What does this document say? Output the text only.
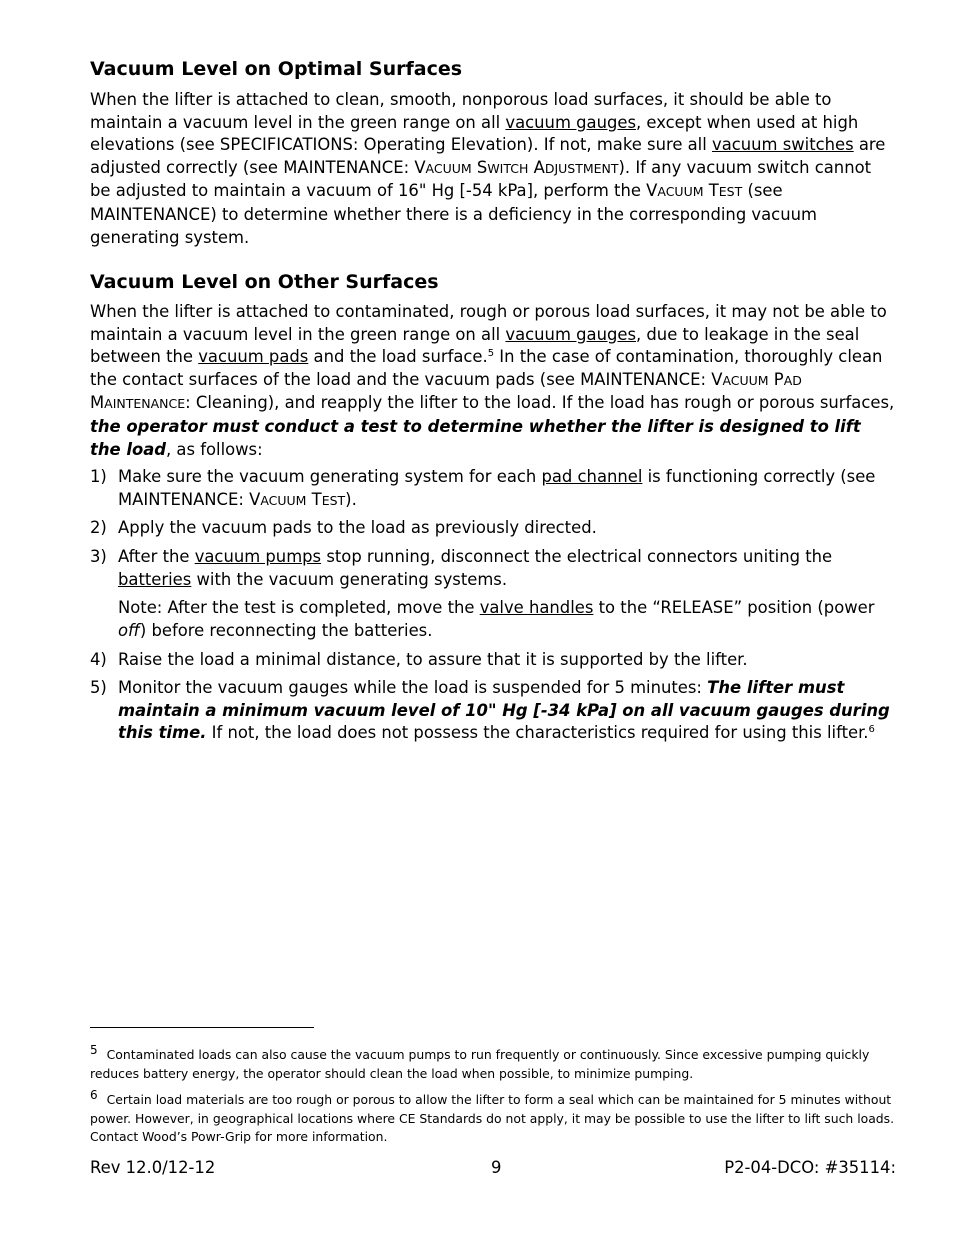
Vacuum Level on Optimal Surfaces

When the lifter is attached to clean, smooth, nonporous load surfaces, it should be able to maintain a vacuum level in the green range on all vacuum gauges, except when used at high elevations (see SPECIFICATIONS: Operating Elevation). If not, make sure all vacuum switches are adjusted correctly (see MAINTENANCE: VACUUM SWITCH ADJUSTMENT). If any vacuum switch cannot be adjusted to maintain a vacuum of 16" Hg [-54 kPa], perform the VACUUM TEST (see MAINTENANCE) to determine whether there is a deficiency in the corresponding vacuum generating system.

Vacuum Level on Other Surfaces

When the lifter is attached to contaminated, rough or porous load surfaces, it may not be able to maintain a vacuum level in the green range on all vacuum gauges, due to leakage in the seal between the vacuum pads and the load surface.$^5$ In the case of contamination, thoroughly clean the contact surfaces of the load and the vacuum pads (see MAINTENANCE: VACUUM PAD MAINTENANCE: Cleaning), and reapply the lifter to the load. If the load has rough or porous surfaces, the operator must conduct a test to determine whether the lifter is designed to lift the load, as follows:

1) Make sure the vacuum generating system for each pad channel is functioning correctly (see MAINTENANCE: VACUUM TEST).
2) Apply the vacuum pads to the load as previously directed.
3) After the vacuum pumps stop running, disconnect the electrical connectors uniting the batteries with the vacuum generating systems.
Note: After the test is completed, move the valve handles to the “RELEASE” position (power off) before reconnecting the batteries.
4) Raise the load a minimal distance, to assure that it is supported by the lifter.
5) Monitor the vacuum gauges while the load is suspended for 5 minutes: The lifter must maintain a minimum vacuum level of 10" Hg [-34 kPa] on all vacuum gauges during this time. If not, the load does not possess the characteristics required for using this lifter.$^6$
5 Contaminated loads can also cause the vacuum pumps to run frequently or continuously. Since excessive pumping quickly reduces battery energy, the operator should clean the load when possible, to minimize pumping.
6 Certain load materials are too rough or porous to allow the lifter to form a seal which can be maintained for 5 minutes without power. However, in geographical locations where CE Standards do not apply, it may be possible to use the lifter to lift such loads. Contact Wood’s Powr-Grip for more information.
Rev 12.0/12-12	9	P2-04-DCO: #35114:
